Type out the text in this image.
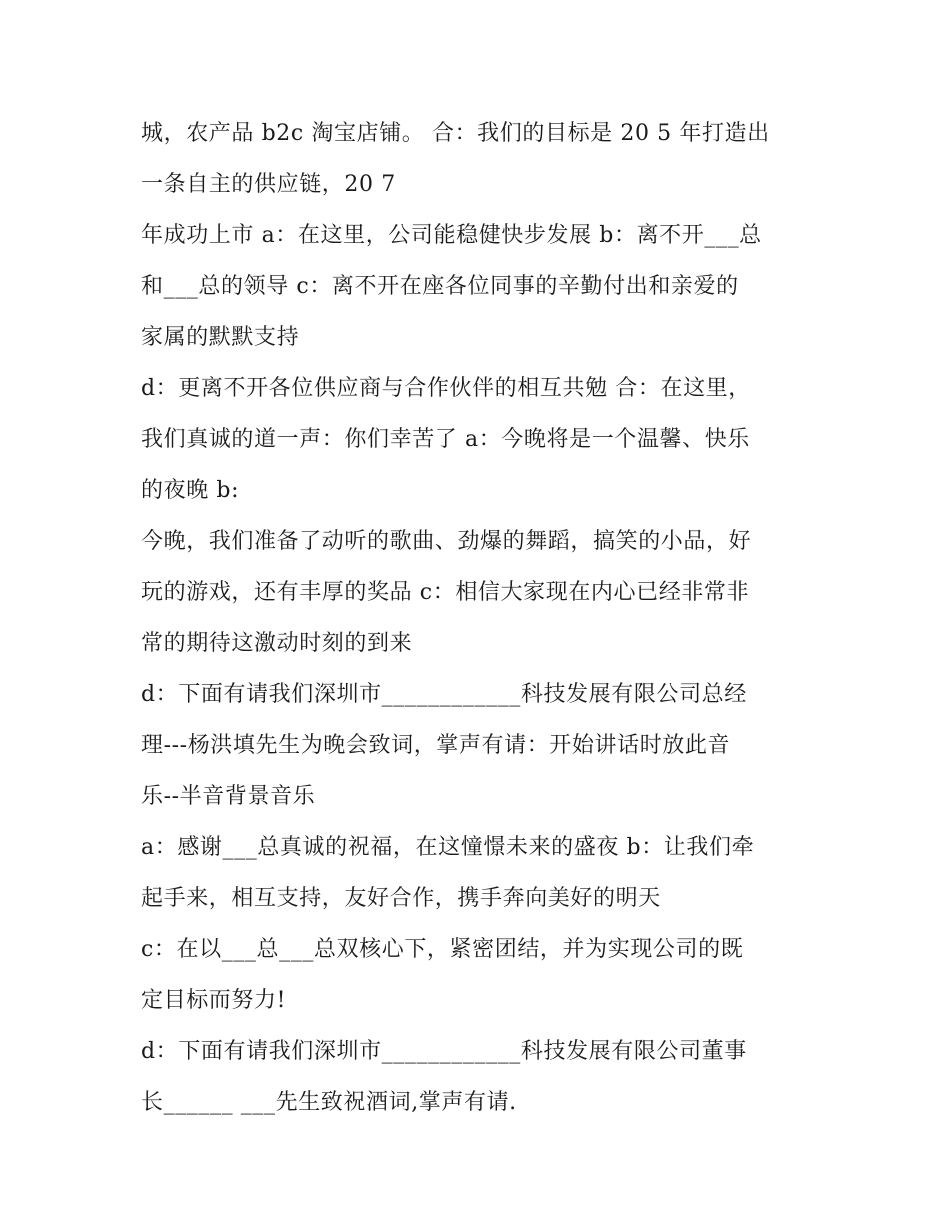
城，农产品 b2c 淘宝店铺。 合：我们的目标是 20 5 年打造出
一条自主的供应链，20 7
年成功上市 a：在这里，公司能稳健快步发展 b：离不开___总
和___总的领导 c：离不开在座各位同事的辛勤付出和亲爱的
家属的默默支持
d：更离不开各位供应商与合作伙伴的相互共勉 合：在这里，
我们真诚的道一声：你们幸苦了 a：今晚将是一个温馨、快乐
的夜晚 b:
今晚，我们准备了动听的歌曲、劲爆的舞蹈，搞笑的小品，好
玩的游戏，还有丰厚的奖品 c：相信大家现在内心已经非常非
常的期待这激动时刻的到来
d：下面有请我们深圳市____________科技发展有限公司总经
理---杨洪填先生为晚会致词，掌声有请：开始讲话时放此音
乐--半音背景音乐
a：感谢___总真诚的祝福，在这憧憬未来的盛夜 b：让我们牵
起手来，相互支持，友好合作，携手奔向美好的明天
c：在以___总___总双核心下，紧密团结，并为实现公司的既
定目标而努力!
d：下面有请我们深圳市____________科技发展有限公司董事
长______ ___先生致祝酒词,掌声有请.
